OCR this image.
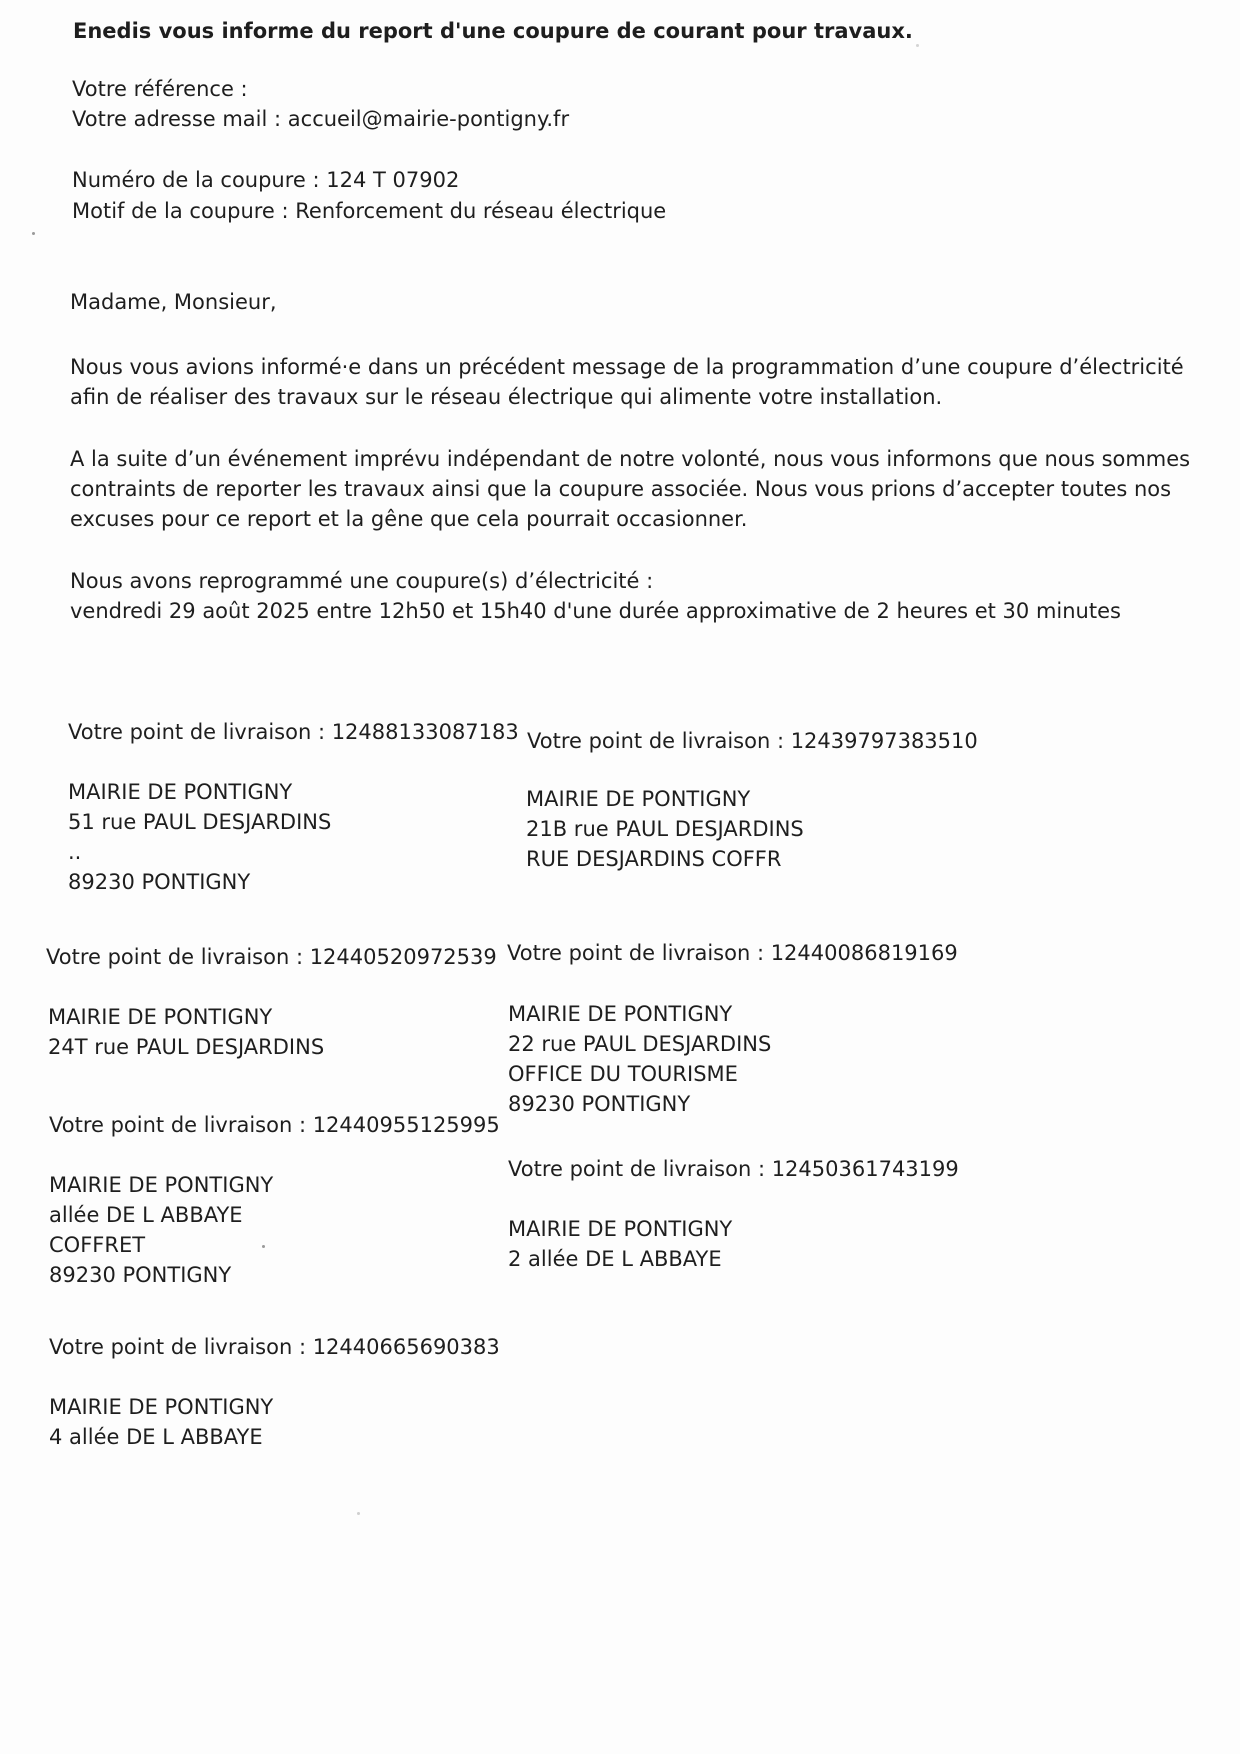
Enedis vous informe du report d'une coupure de courant pour travaux.
Votre référence :
Votre adresse mail : accueil@mairie-pontigny.fr
Numéro de la coupure : 124 T 07902
Motif de la coupure : Renforcement du réseau électrique
Madame, Monsieur,
Nous vous avions informé·e dans un précédent message de la programmation d’une coupure d’électricité
afin de réaliser des travaux sur le réseau électrique qui alimente votre installation.
A la suite d’un événement imprévu indépendant de notre volonté, nous vous informons que nous sommes
contraints de reporter les travaux ainsi que la coupure associée. Nous vous prions d’accepter toutes nos
excuses pour ce report et la gêne que cela pourrait occasionner.
Nous avons reprogrammé une coupure(s) d’électricité :
vendredi 29 août 2025 entre 12h50 et 15h40 d'une durée approximative de 2 heures et 30 minutes
Votre point de livraison : 12488133087183
MAIRIE DE PONTIGNY
51 rue PAUL DESJARDINS
..
89230 PONTIGNY
Votre point de livraison : 12439797383510
MAIRIE DE PONTIGNY
21B rue PAUL DESJARDINS
RUE DESJARDINS COFFR
Votre point de livraison : 12440520972539
MAIRIE DE PONTIGNY
24T rue PAUL DESJARDINS
Votre point de livraison : 12440086819169
MAIRIE DE PONTIGNY
22 rue PAUL DESJARDINS
OFFICE DU TOURISME
89230 PONTIGNY
Votre point de livraison : 12440955125995
MAIRIE DE PONTIGNY
allée DE L ABBAYE
COFFRET
89230 PONTIGNY
Votre point de livraison : 12450361743199
MAIRIE DE PONTIGNY
2 allée DE L ABBAYE
Votre point de livraison : 12440665690383
MAIRIE DE PONTIGNY
4 allée DE L ABBAYE
